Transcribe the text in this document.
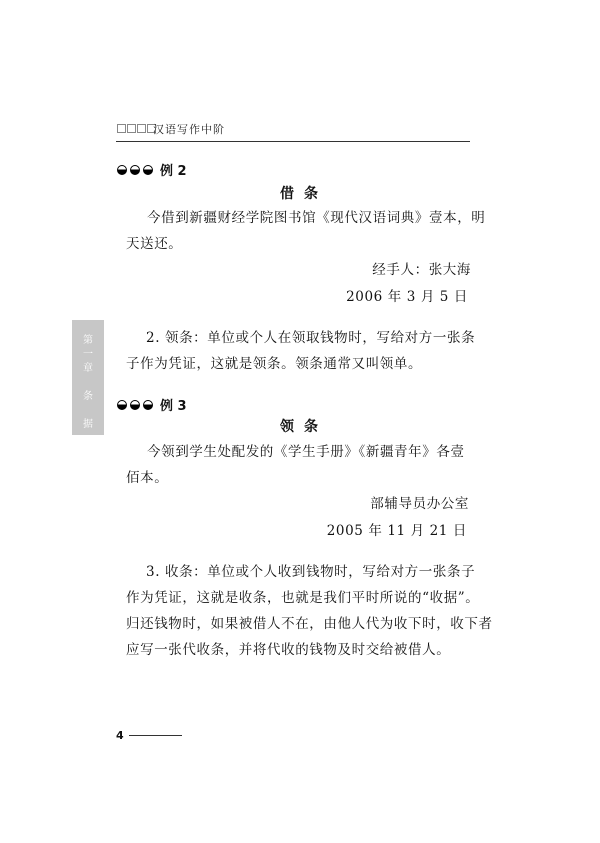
汉语写作中阶
例 2
借条
今借到新疆财经学院图书馆《现代汉语词典》壹本，明
天送还。
经手人：张大海
2006 年 3 月 5 日
2. 领条：单位或个人在领取钱物时，写给对方一张条
子作为凭证，这就是领条。领条通常又叫领单。
第
一
章

条

据
例 3
领条
今领到学生处配发的《学生手册》《新疆青年》各壹
佰本。
部辅导员办公室
2005 年 11 月 21 日
3. 收条：单位或个人收到钱物时，写给对方一张条子
作为凭证，这就是收条，也就是我们平时所说的“收据”。
归还钱物时，如果被借人不在，由他人代为收下时，收下者
应写一张代收条，并将代收的钱物及时交给被借人。
4
